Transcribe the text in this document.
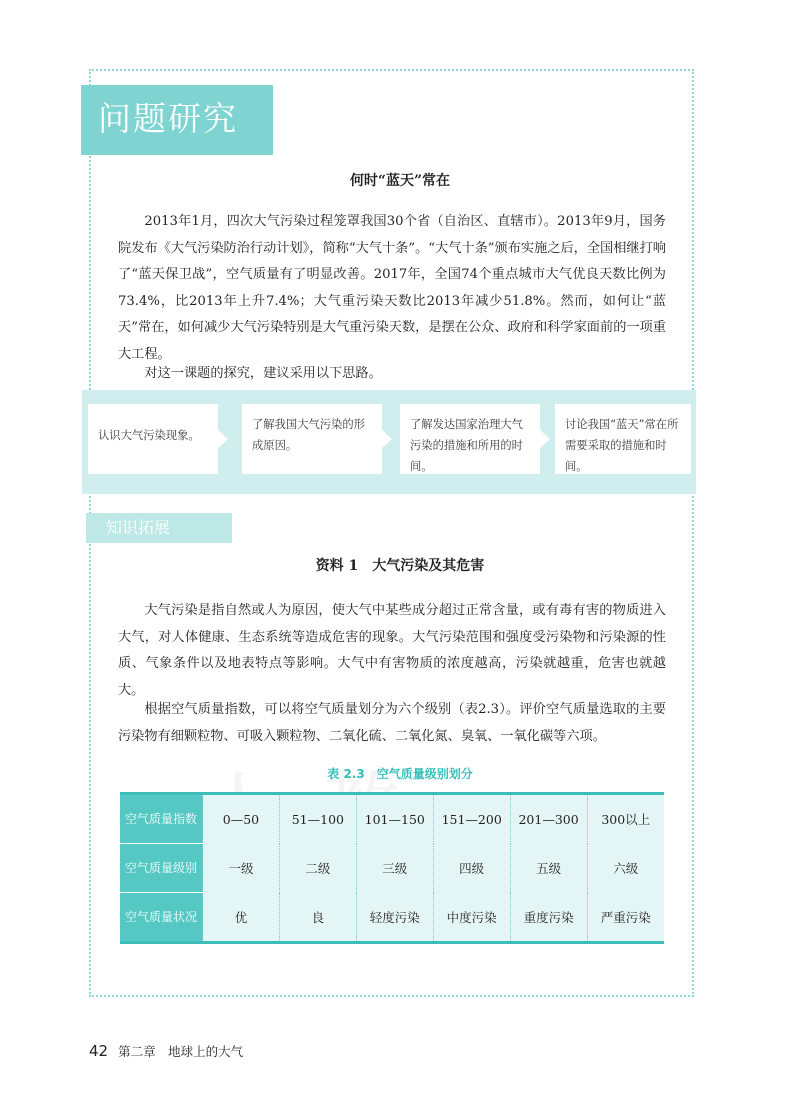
问题研究
何时“蓝天”常在

2013年1月，四次大气污染过程笼罩我国30个省（自治区、直辖市）。2013年9月，国务院发布《大气污染防治行动计划》，简称“大气十条”。“大气十条”颁布实施之后，全国相继打响了“蓝天保卫战”，空气质量有了明显改善。2017年，全国74个重点城市大气优良天数比例为73.4%，比2013年上升7.4%；大气重污染天数比2013年减少51.8%。然而，如何让“蓝天”常在，如何减少大气污染特别是大气重污染天数，是摆在公众、政府和科学家面前的一项重大工程。

对这一课题的探究，建议采用以下思路。

认识大气污染现象。
了解我国大气污染的形成原因。
了解发达国家治理大气污染的措施和所用的时间。
讨论我国“蓝天”常在所需要采取的措施和时间。
知识拓展
资料 1　大气污染及其危害

大气污染是指自然或人为原因，使大气中某些成分超过正常含量，或有毒有害的物质进入大气，对人体健康、生态系统等造成危害的现象。大气污染范围和强度受污染物和污染源的性质、气象条件以及地表特点等影响。大气中有害物质的浓度越高，污染就越重，危害也就越大。

根据空气质量指数，可以将空气质量划分为六个级别（表2.3）。评价空气质量选取的主要污染物有细颗粒物、可吸入颗粒物、二氧化硫、二氧化氮、臭氧、一氧化碳等六项。

表 2.3　空气质量级别划分
空气质量指数	0—50	51—100	101—150	151—200	201—300	300以上
空气质量级别	一级	二级	三级	四级	五级	六级
空气质量状况	优	良	轻度污染	中度污染	重度污染	严重污染
42 第二章　地球上的大气
